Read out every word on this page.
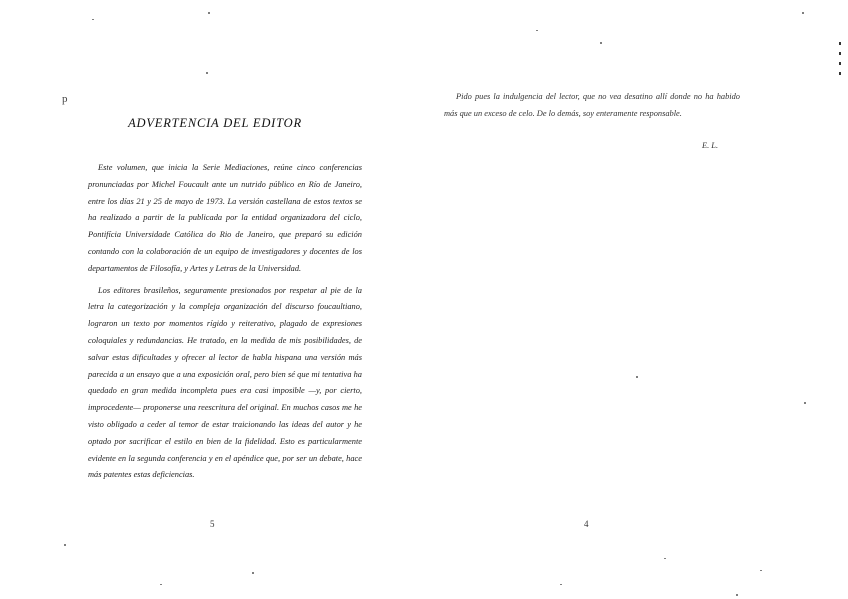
p
ADVERTENCIA DEL EDITOR

Este volumen, que inicia la Serie Mediaciones, reúne cinco conferencias pronunciadas por Michel Foucault ante un nutrido público en Río de Janeiro, entre los días 21 y 25 de mayo de 1973. La versión castellana de estos textos se ha realizado a partir de la publicada por la entidad organizadora del ciclo, Pontifícia Universidade Católica do Rio de Janeiro, que preparó su edición contando con la colaboración de un equipo de investigadores y docentes de los departamentos de Filosofía, y Artes y Letras de la Universidad.

Los editores brasileños, seguramente presionados por respetar al pie de la letra la categorización y la compleja organización del discurso foucaultiano, lograron un texto por momentos rígido y reiterativo, plagado de expresiones coloquiales y redundancias. He tratado, en la medida de mis posibilidades, de salvar estas dificultades y ofrecer al lector de habla hispana una versión más parecida a un ensayo que a una exposición oral, pero bien sé que mi tentativa ha quedado en gran medida incompleta pues era casi imposible —y, por cierto, improcedente— proponerse una reescritura del original. En muchos casos me he visto obligado a ceder al temor de estar traicionando las ideas del autor y he optado por sacrificar el estilo en bien de la fidelidad. Esto es particularmente evidente en la segunda conferencia y en el apéndice que, por ser un debate, hace más patentes estas deficiencias.

5

Pido pues la indulgencia del lector, que no vea desatino allí donde no ha habido más que un exceso de celo. De lo demás, soy enteramente responsable.

E. L.
4
